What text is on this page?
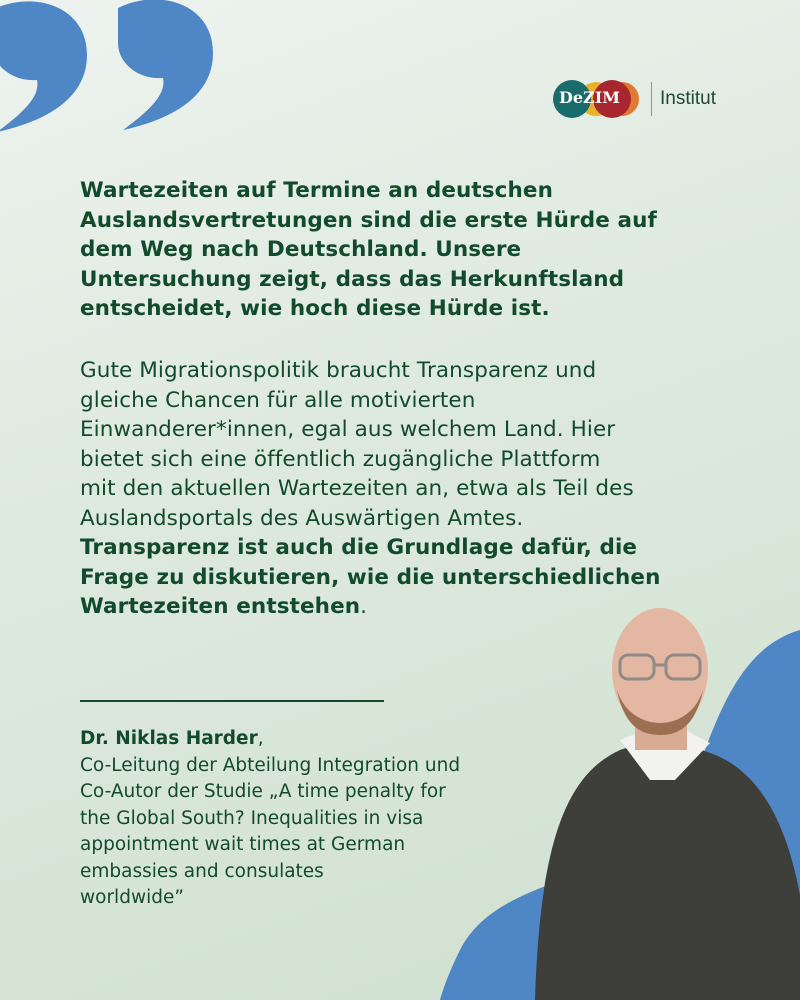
DeZIM Institut
Wartezeiten auf Termine an deutschen
Auslandsvertretungen sind die erste Hürde auf
dem Weg nach Deutschland. Unsere
Untersuchung zeigt, dass das Herkunftsland
entscheidet, wie hoch diese Hürde ist.
Gute Migrationspolitik braucht Transparenz und
gleiche Chancen für alle motivierten
Einwanderer*innen, egal aus welchem Land. Hier
bietet sich eine öffentlich zugängliche Plattform
mit den aktuellen Wartezeiten an, etwa als Teil des
Auslandsportals des Auswärtigen Amtes.
Transparenz ist auch die Grundlage dafür, die
Frage zu diskutieren, wie die unterschiedlichen
Wartezeiten entstehen.
Dr. Niklas Harder,
Co-Leitung der Abteilung Integration und
Co-Autor der Studie „A time penalty for
the Global South? Inequalities in visa
appointment wait times at German
embassies and consulates
worldwide”
